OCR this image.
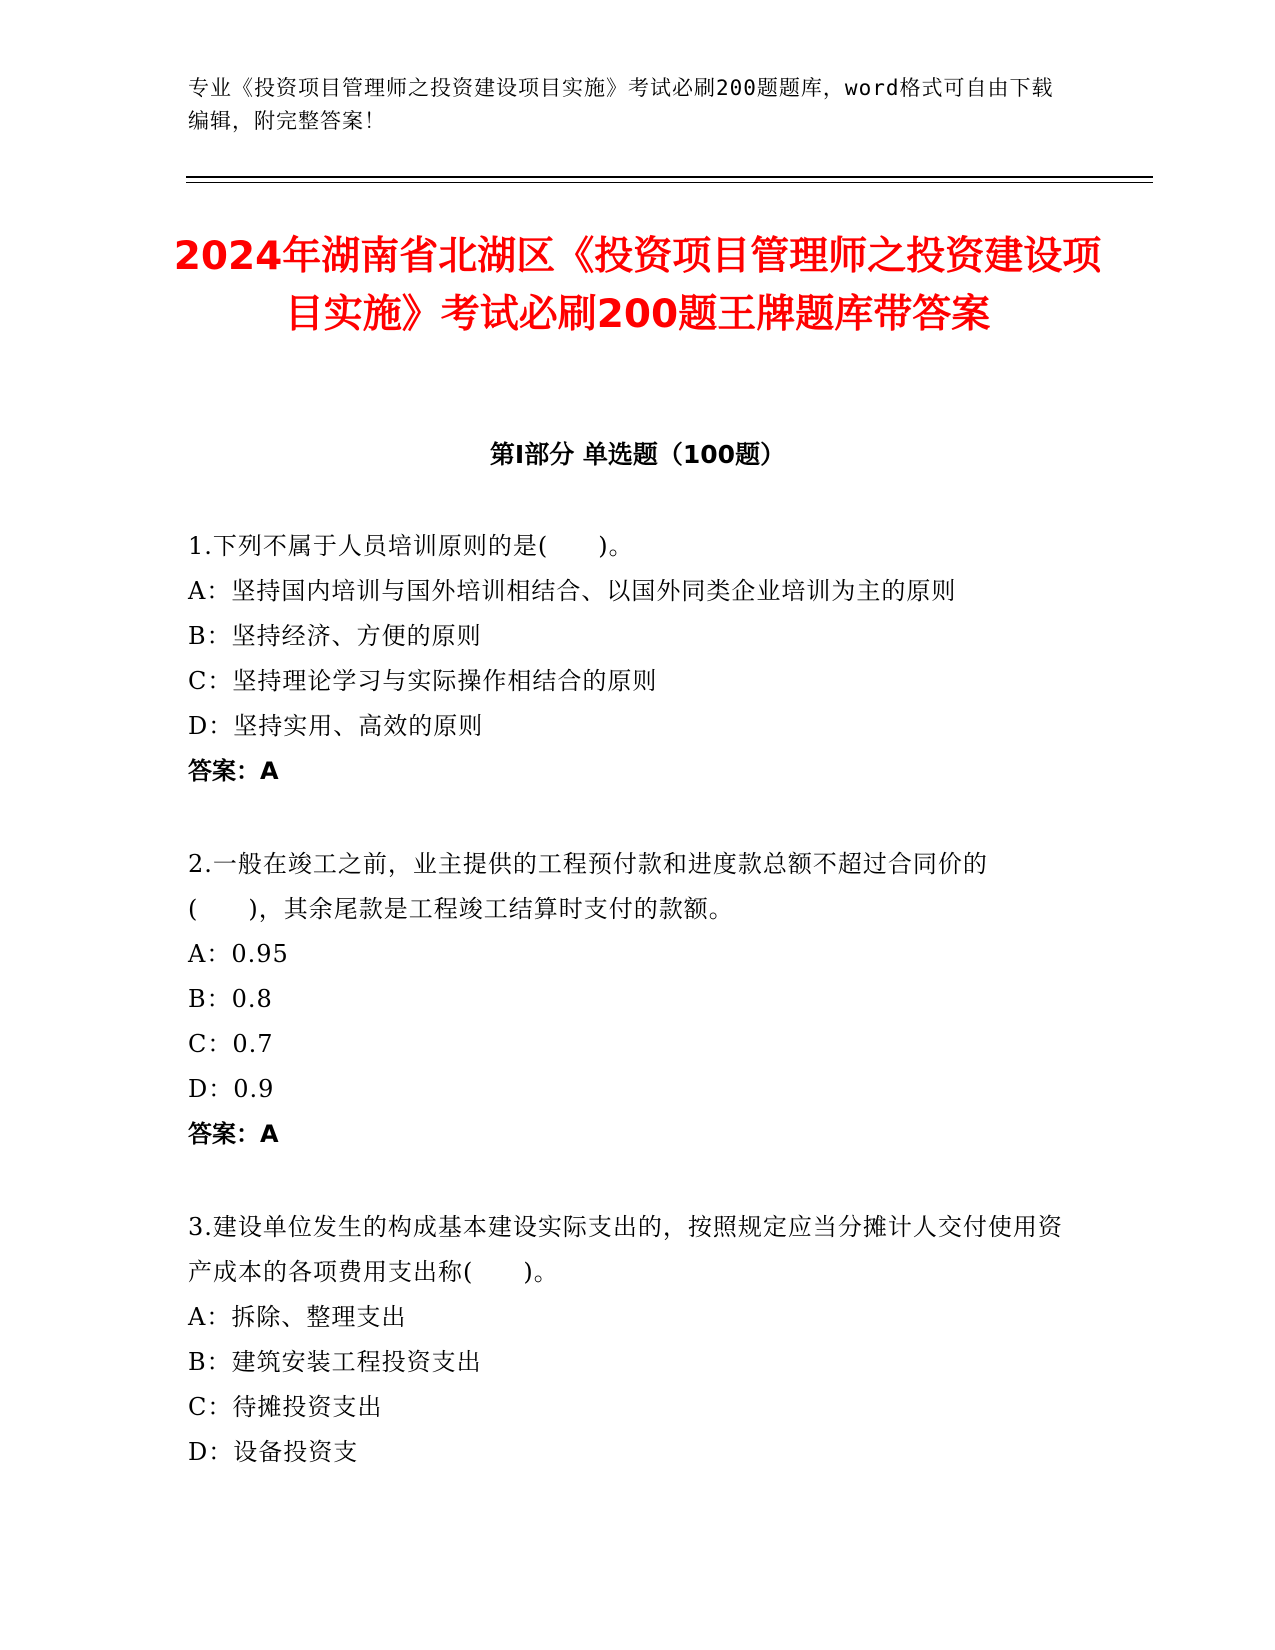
专业《投资项目管理师之投资建设项目实施》考试必刷200题题库，word格式可自由下载编辑，附完整答案！
2024年湖南省北湖区《投资项目管理师之投资建设项目实施》考试必刷200题王牌题库带答案
第Ⅰ部分 单选题（100题）

1.下列不属于人员培训原则的是(　　)。

A：坚持国内培训与国外培训相结合、以国外同类企业培训为主的原则

B：坚持经济、方便的原则

C：坚持理论学习与实际操作相结合的原则

D：坚持实用、高效的原则

答案：A

2.一般在竣工之前，业主提供的工程预付款和进度款总额不超过合同价的(　　)，其余尾款是工程竣工结算时支付的款额。

A：0.95

B：0.8

C：0.7

D：0.9

答案：A

3.建设单位发生的构成基本建设实际支出的，按照规定应当分摊计人交付使用资产成本的各项费用支出称(　　)。

A：拆除、整理支出

B：建筑安装工程投资支出

C：待摊投资支出

D：设备投资支
